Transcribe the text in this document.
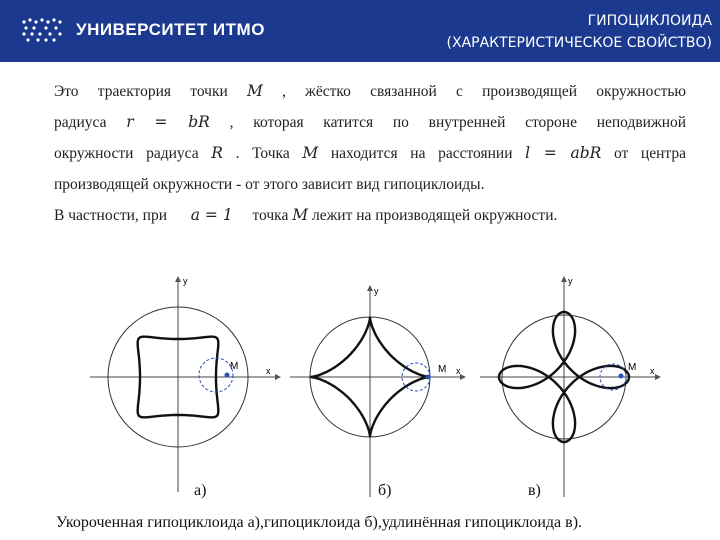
УНИВЕРСИТЕТ ИТМО	ГИПОЦИКЛОИДА
(ХАРАКТЕРИСТИЧЕСКОЕ СВОЙСТВО)
Это траектория точки M , жёстко связанной с производящей окружностью
радиуса r = bR , которая катится по внутренней стороне неподвижной
окружности радиуса R . Точка M находится на расстоянии l = abR от центра
производящей окружности - от этого зависит вид гипоциклоиды.
В частности, при a = 1 точка M лежит на производящей окружности.
M
y
x	M
y
x	M
y
x
а)	б)	в)
Укороченная гипоциклоида а),гипоциклоида б),удлинённая гипоциклоида в).
